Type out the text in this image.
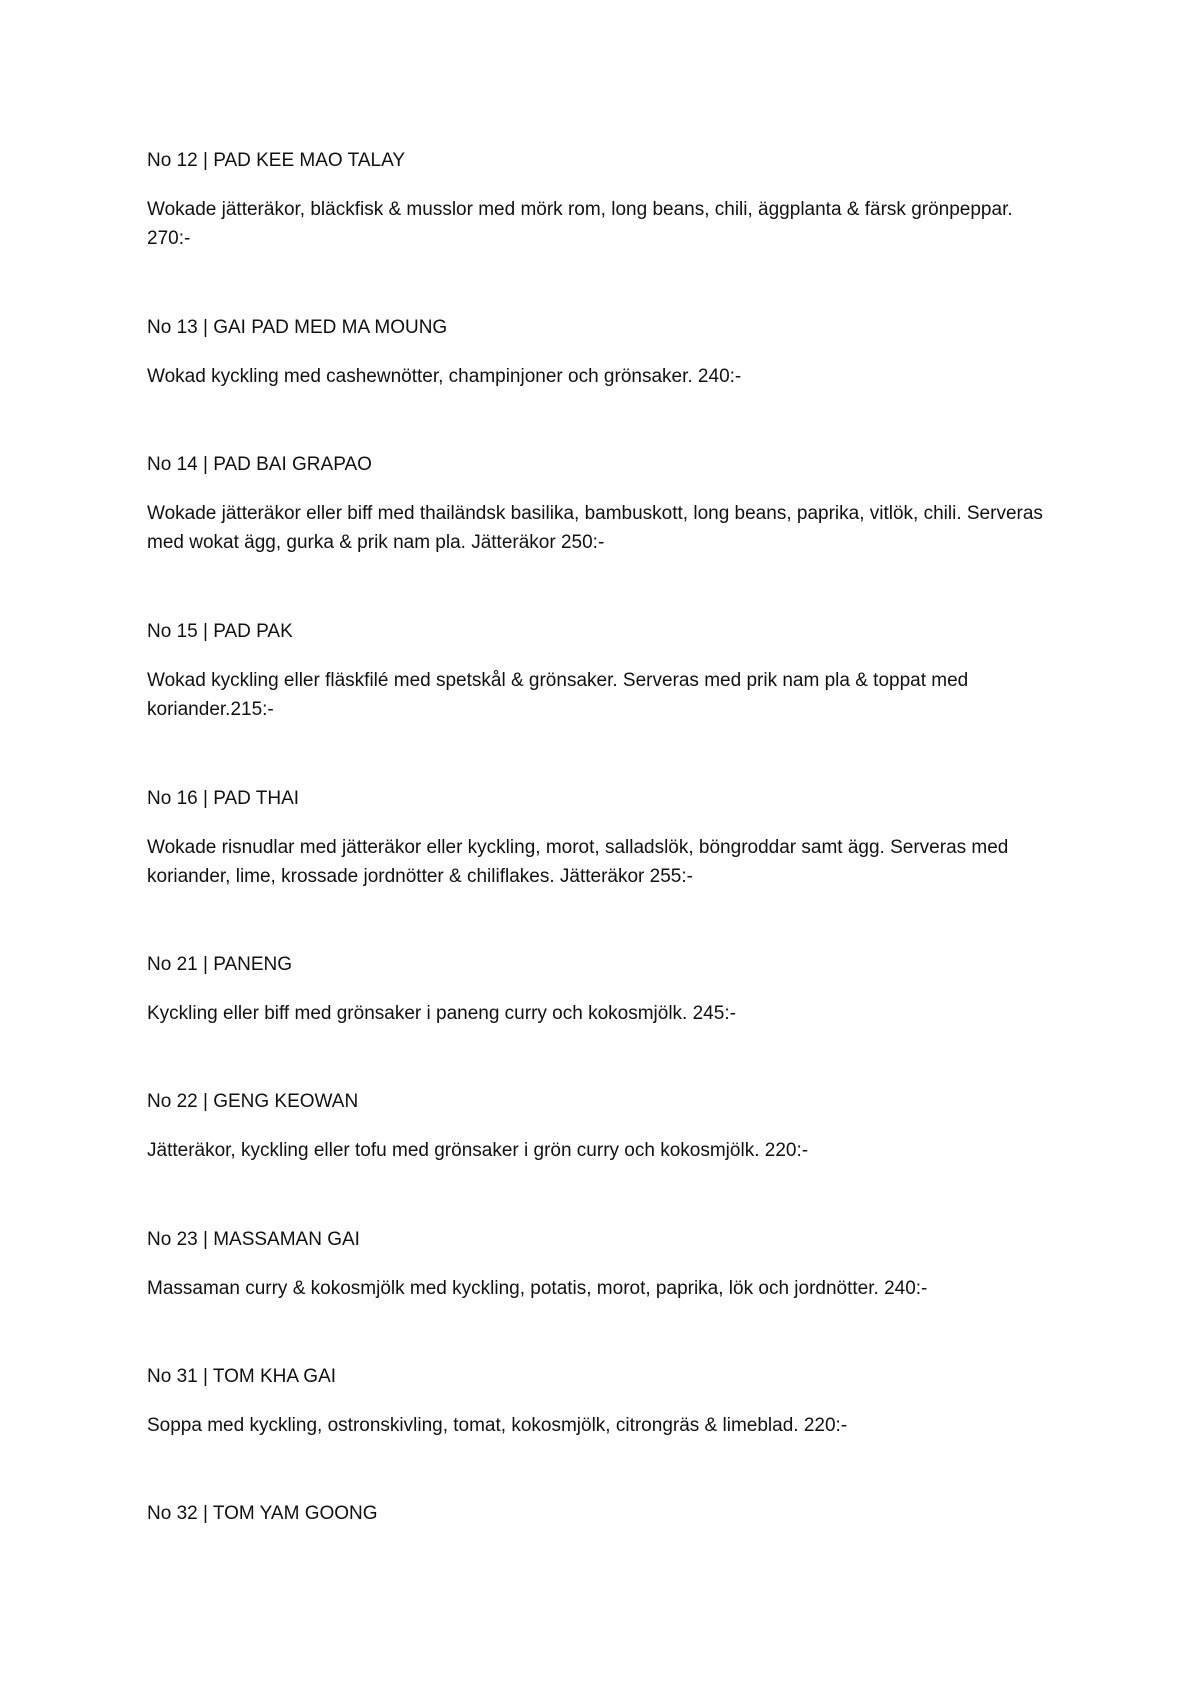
No 12 | PAD KEE MAO TALAY

Wokade jätteräkor, bläckfisk & musslor med mörk rom, long beans, chili, äggplanta & färsk grönpeppar. 270:-

No 13 | GAI PAD MED MA MOUNG

Wokad kyckling med cashewnötter, champinjoner och grönsaker. 240:-

No 14 | PAD BAI GRAPAO

Wokade jätteräkor eller biff med thailändsk basilika, bambuskott, long beans, paprika, vitlök, chili. Serveras med wokat ägg, gurka & prik nam pla. Jätteräkor 250:-

No 15 | PAD PAK

Wokad kyckling eller fläskfilé med spetskål & grönsaker. Serveras med prik nam pla & toppat med koriander.215:-

No 16 | PAD THAI

Wokade risnudlar med jätteräkor eller kyckling, morot, salladslök, böngroddar samt ägg. Serveras med koriander, lime, krossade jordnötter & chiliflakes. Jätteräkor 255:-

No 21 | PANENG

Kyckling eller biff med grönsaker i paneng curry och kokosmjölk. 245:-

No 22 | GENG KEOWAN

Jätteräkor, kyckling eller tofu med grönsaker i grön curry och kokosmjölk. 220:-

No 23 | MASSAMAN GAI

Massaman curry & kokosmjölk med kyckling, potatis, morot, paprika, lök och jordnötter. 240:-

No 31 | TOM KHA GAI

Soppa med kyckling, ostronskivling, tomat, kokosmjölk, citrongräs & limeblad. 220:-

No 32 | TOM YAM GOONG
